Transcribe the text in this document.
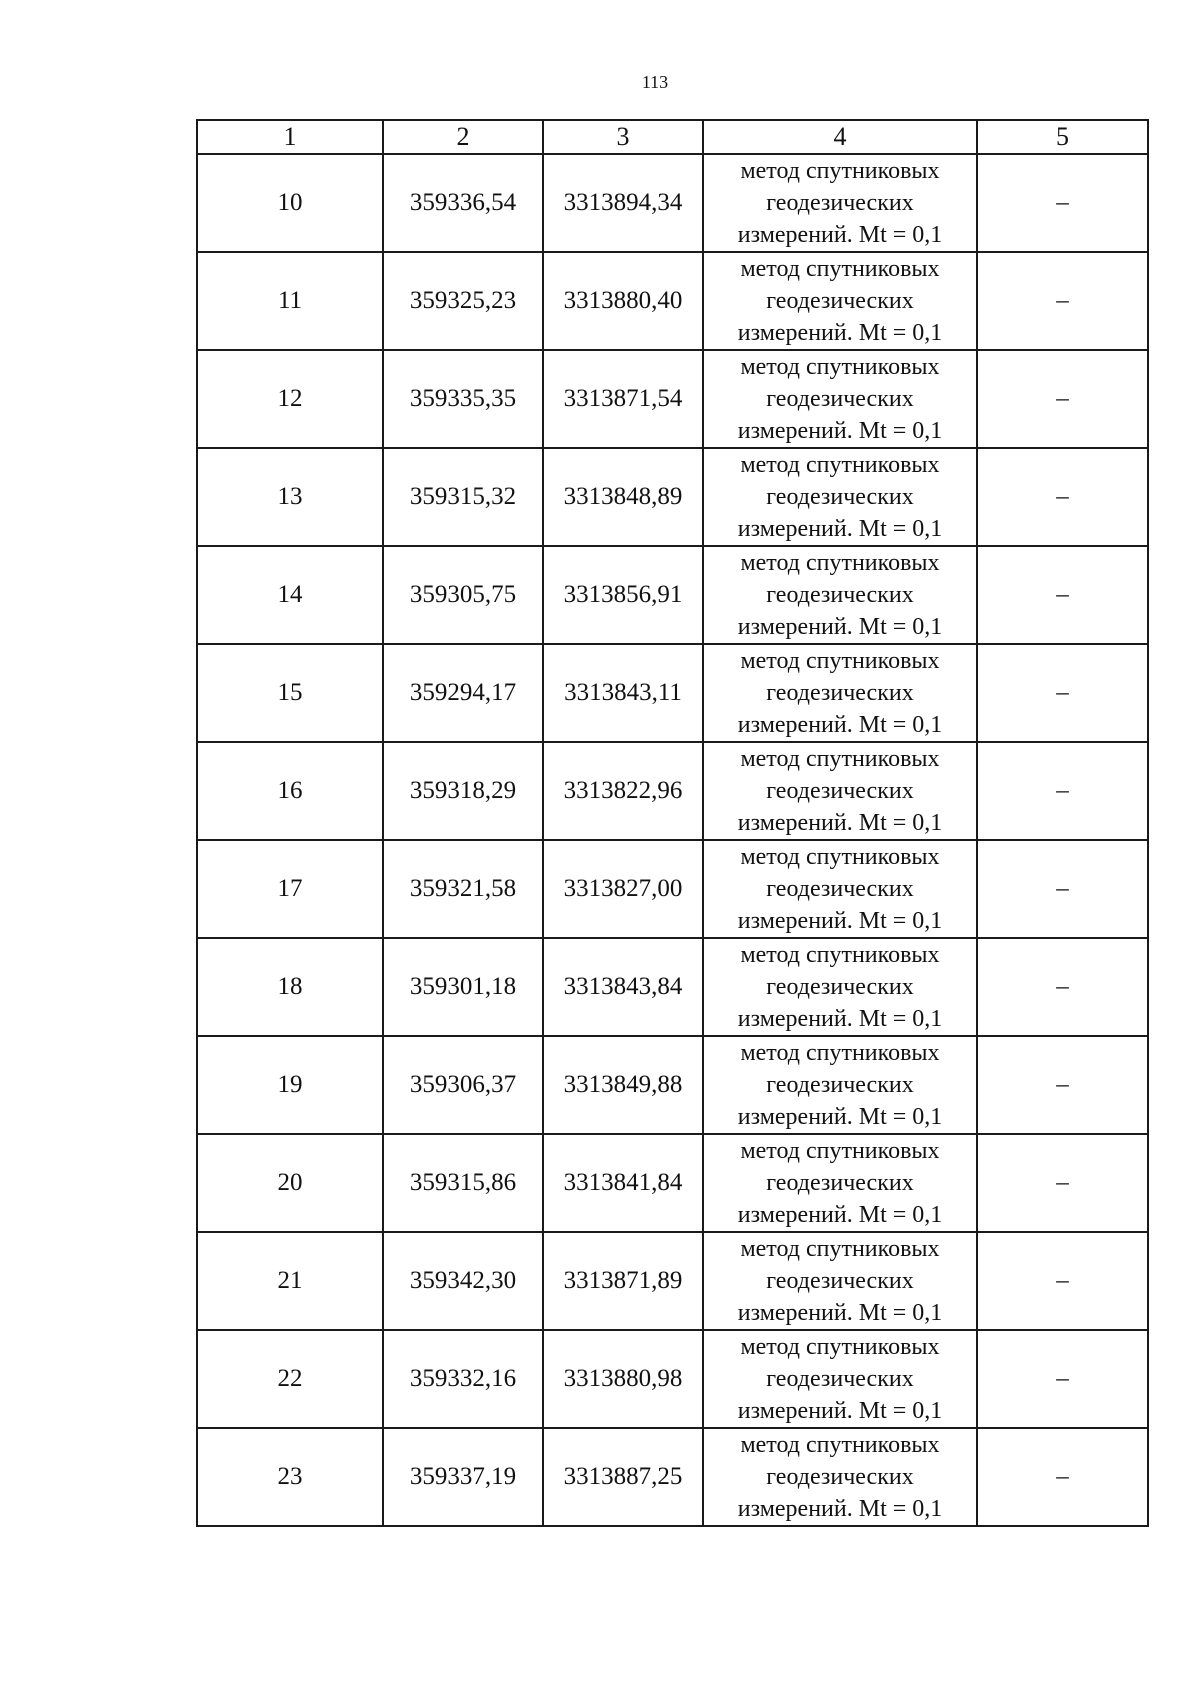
113
1	2	3	4	5
10	359336,54	3313894,34	метод спутниковых геодезических измерений. Mt = 0,1	–
11	359325,23	3313880,40	метод спутниковых геодезических измерений. Mt = 0,1	–
12	359335,35	3313871,54	метод спутниковых геодезических измерений. Mt = 0,1	–
13	359315,32	3313848,89	метод спутниковых геодезических измерений. Mt = 0,1	–
14	359305,75	3313856,91	метод спутниковых геодезических измерений. Mt = 0,1	–
15	359294,17	3313843,11	метод спутниковых геодезических измерений. Mt = 0,1	–
16	359318,29	3313822,96	метод спутниковых геодезических измерений. Mt = 0,1	–
17	359321,58	3313827,00	метод спутниковых геодезических измерений. Mt = 0,1	–
18	359301,18	3313843,84	метод спутниковых геодезических измерений. Mt = 0,1	–
19	359306,37	3313849,88	метод спутниковых геодезических измерений. Mt = 0,1	–
20	359315,86	3313841,84	метод спутниковых геодезических измерений. Mt = 0,1	–
21	359342,30	3313871,89	метод спутниковых геодезических измерений. Mt = 0,1	–
22	359332,16	3313880,98	метод спутниковых геодезических измерений. Mt = 0,1	–
23	359337,19	3313887,25	метод спутниковых геодезических измерений. Mt = 0,1	–
